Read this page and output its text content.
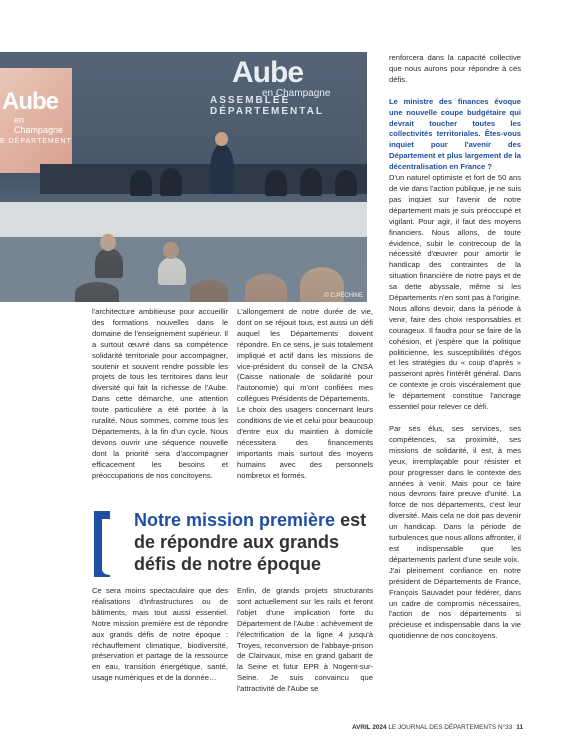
Aube
en Champagne
E DÉPARTEMENT
Aube
en Champagne
ASSEMBLÉE DÉPARTEMENTAL
© C.PÉCHINE

l'architecture ambitieuse pour accueillir des formations nouvelles dans le domaine de l'enseignement supérieur. Il a surtout œuvré dans sa compétence solidarité territoriale pour accompagner, soutenir et souvent rendre possible les projets de tous les territoires dans leur diversité qui fait la richesse de l'Aube. Dans cette démarche, une attention toute particulière a été portée à la ruralité. Nous sommes, comme tous les Départements, à la fin d'un cycle. Nous devons ouvrir une séquence nouvelle dont la priorité sera d'accompagner efficacement les besoins et préoccupations de nos concitoyens.

L'allongement de notre durée de vie, dont on se réjouit tous, est aussi un défi auquel les Départements doivent répondre. En ce sens, je suis totalement impliqué et actif dans les missions de vice-président du conseil de la CNSA (Caisse nationale de solidarité pour l'autonomie) qui m'ont confiées mes collègues Présidents de Départements.

Le choix des usagers concernant leurs conditions de vie et celui pour beaucoup d'entre eux du maintien à domicile nécessitera des financements importants mais surtout des moyens humains avec des personnels nombreux et formés.

renforcera dans la capacité collective que nous aurons pour répondre à ces défis.

Le ministre des finances évoque une nouvelle coupe budgétaire qui devrait toucher toutes les collectivités territoriales. Êtes-vous inquiet pour l'avenir des Département et plus largement de la décentralisation en France ?

D'un naturel optimiste et fort de 50 ans de vie dans l'action publique, je ne suis pas inquiet sur l'avenir de notre département mais je suis préoccupé et vigilant. Pour agir, il faut des moyens financiers. Nous allons, de toute évidence, subir le contrecoup de la nécessité d'œuvrer pour amortir le handicap des contraintes de la situation financière de notre pays et de sa dette abyssale, même si les Départements n'en sont pas à l'origine. Nous allons devoir, dans la période à venir, faire des choix responsables et courageux. Il faudra pour se faire de la cohésion, et j'espère que la politique politicienne, les susceptibilités d'égos et les stratégies du « coup d'après » passeront après l'intérêt général. Dans ce contexte je crois viscéralement que le département constitue l'ancrage essentiel pour relever ce défi.

Par ses élus, ses services, ses compétences, sa proximité, ses missions de solidarité, il est, à mes yeux, irremplaçable pour résister et pour progresser dans le contexte des années à venir. Mais pour ce faire nous devrons faire preuve d'unité. La force de nos départements, c'est leur diversité. Mais cela ne doit pas devenir un handicap. Dans la période de turbulences que nous allons affronter, il est indispensable que les départements parlent d'une seule voix.

J'ai pleinement confiance en notre président de Départements de France, François Sauvadet pour fédérer, dans un cadre de compromis nécessaires, l'action de nos départements si précieuse et indispensable dans la vie quotidienne de nos concitoyens.

Notre mission première est de répondre aux grands défis de notre époque

Ce sera moins spectaculaire que des réalisations d'infrastructures ou de bâtiments, mais tout aussi essentiel. Notre mission première est de répondre aux grands défis de notre époque : réchauffement climatique, biodiversité, préservation et partage de la ressource en eau, transition énergétique, santé, usage numériques et de la donnée…

Enfin, de grands projets structurants sont actuellement sur les rails et feront l'objet d'une implication forte du Département de l'Aube : achèvement de l'électrification de la ligne 4 jusqu'à Troyes, reconversion de l'abbaye-prison de Clairvaux, mise en grand gabarit de la Seine et futur EPR à Nogent-sur-Seine. Je suis convaincu que l'attractivité de l'Aube se

AVRIL 2024 LE JOURNAL DES DÉPARTEMENTS N°33 11
